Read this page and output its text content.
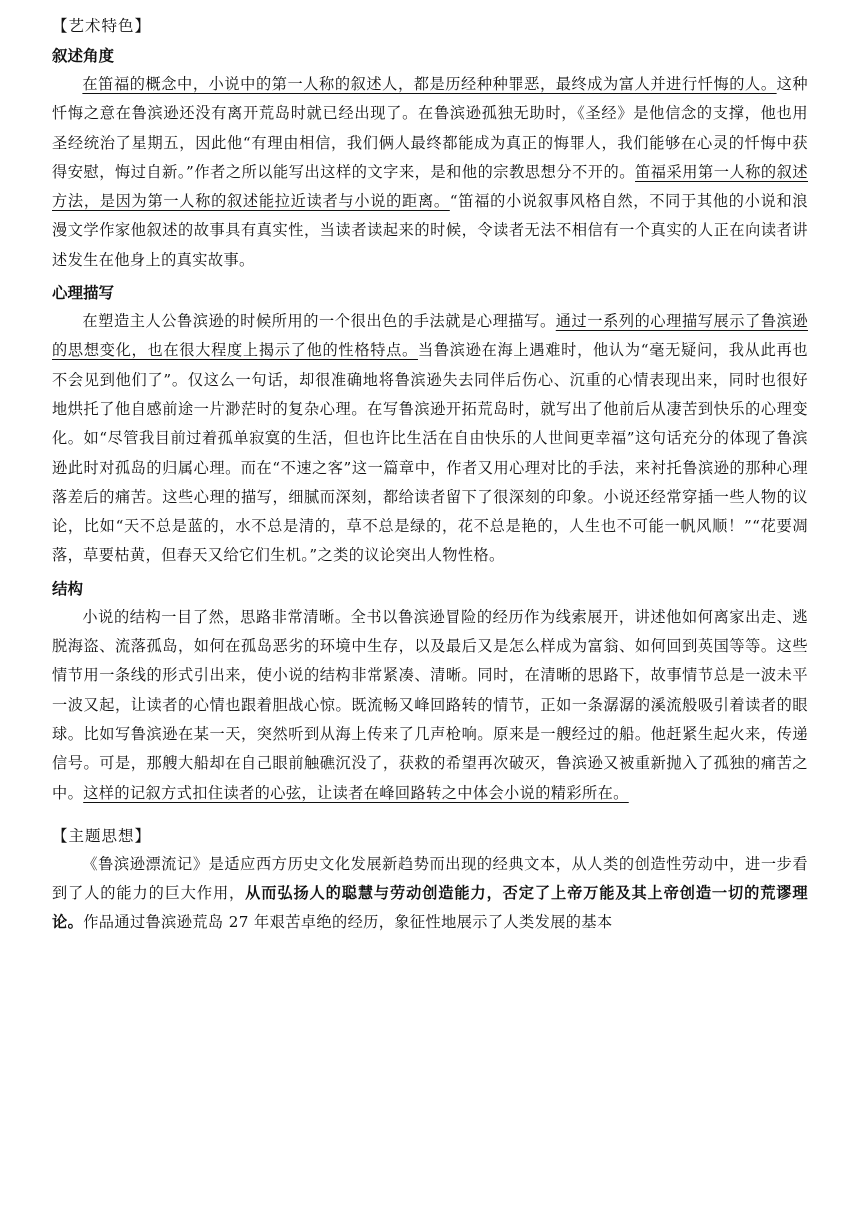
【艺术特色】
叙述角度

在笛福的概念中，小说中的第一人称的叙述人，都是历经种种罪恶，最终成为富人并进行忏悔的人。这种忏悔之意在鲁滨逊还没有离开荒岛时就已经出现了。在鲁滨逊孤独无助时，《圣经》是他信念的支撑，他也用圣经统治了星期五，因此他“有理由相信，我们俩人最终都能成为真正的悔罪人，我们能够在心灵的忏悔中获得安慰，悔过自新。”作者之所以能写出这样的文字来，是和他的宗教思想分不开的。笛福采用第一人称的叙述方法，是因为第一人称的叙述能拉近读者与小说的距离。“笛福的小说叙事风格自然，不同于其他的小说和浪漫文学作家他叙述的故事具有真实性，当读者读起来的时候，令读者无法不相信有一个真实的人正在向读者讲述发生在他身上的真实故事。

心理描写

在塑造主人公鲁滨逊的时候所用的一个很出色的手法就是心理描写。通过一系列的心理描写展示了鲁滨逊的思想变化，也在很大程度上揭示了他的性格特点。当鲁滨逊在海上遇难时，他认为“毫无疑问，我从此再也不会见到他们了”。仅这么一句话，却很准确地将鲁滨逊失去同伴后伤心、沉重的心情表现出来，同时也很好地烘托了他自感前途一片渺茫时的复杂心理。在写鲁滨逊开拓荒岛时，就写出了他前后从凄苦到快乐的心理变化。如“尽管我目前过着孤单寂寞的生活，但也许比生活在自由快乐的人世间更幸福”这句话充分的体现了鲁滨逊此时对孤岛的归属心理。而在“不速之客”这一篇章中，作者又用心理对比的手法，来衬托鲁滨逊的那种心理落差后的痛苦。这些心理的描写，细腻而深刻，都给读者留下了很深刻的印象。小说还经常穿插一些人物的议论，比如“天不总是蓝的，水不总是清的，草不总是绿的，花不总是艳的，人生也不可能一帆风顺！”“花要凋落，草要枯黄，但春天又给它们生机。”之类的议论突出人物性格。

结构

小说的结构一目了然，思路非常清晰。全书以鲁滨逊冒险的经历作为线索展开，讲述他如何离家出走、逃脱海盗、流落孤岛，如何在孤岛恶劣的环境中生存，以及最后又是怎么样成为富翁、如何回到英国等等。这些情节用一条线的形式引出来，使小说的结构非常紧凑、清晰。同时，在清晰的思路下，故事情节总是一波未平一波又起，让读者的心情也跟着胆战心惊。既流畅又峰回路转的情节，正如一条潺潺的溪流般吸引着读者的眼球。比如写鲁滨逊在某一天，突然听到从海上传来了几声枪响。原来是一艘经过的船。他赶紧生起火来，传递信号。可是，那艘大船却在自己眼前触礁沉没了，获救的希望再次破灭，鲁滨逊又被重新抛入了孤独的痛苦之中。这样的记叙方式扣住读者的心弦，让读者在峰回路转之中体会小说的精彩所在。

【主题思想】

《鲁滨逊漂流记》是适应西方历史文化发展新趋势而出现的经典文本，从人类的创造性劳动中，进一步看到了人的能力的巨大作用，从而弘扬人的聪慧与劳动创造能力，否定了上帝万能及其上帝创造一切的荒谬理论。作品通过鲁滨逊荒岛 27 年艰苦卓绝的经历，象征性地展示了人类发展的基本
